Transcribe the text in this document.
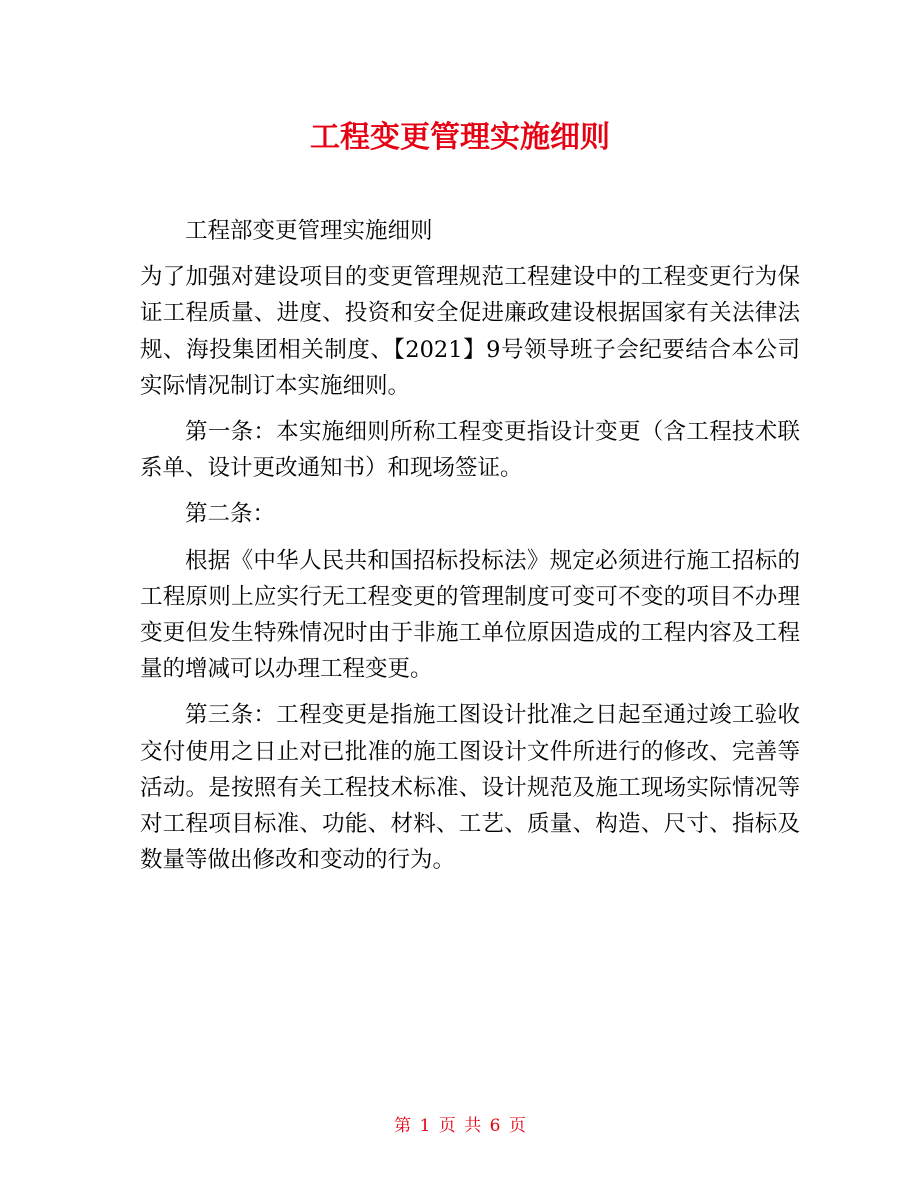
工程变更管理实施细则

工程部变更管理实施细则

为了加强对建设项目的变更管理规范工程建设中的工程变更行为保证工程质量、进度、投资和安全促进廉政建设根据国家有关法律法规、海投集团相关制度、【2021】9号领导班子会纪要结合本公司实际情况制订本实施细则。

第一条：本实施细则所称工程变更指设计变更（含工程技术联系单、设计更改通知书）和现场签证。

第二条：

根据《中华人民共和国招标投标法》规定必须进行施工招标的工程原则上应实行无工程变更的管理制度可变可不变的项目不办理变更但发生特殊情况时由于非施工单位原因造成的工程内容及工程量的增减可以办理工程变更。

第三条：工程变更是指施工图设计批准之日起至通过竣工验收交付使用之日止对已批准的施工图设计文件所进行的修改、完善等活动。是按照有关工程技术标准、设计规范及施工现场实际情况等对工程项目标准、功能、材料、工艺、质量、构造、尺寸、指标及数量等做出修改和变动的行为。

第 1 页 共 6 页
